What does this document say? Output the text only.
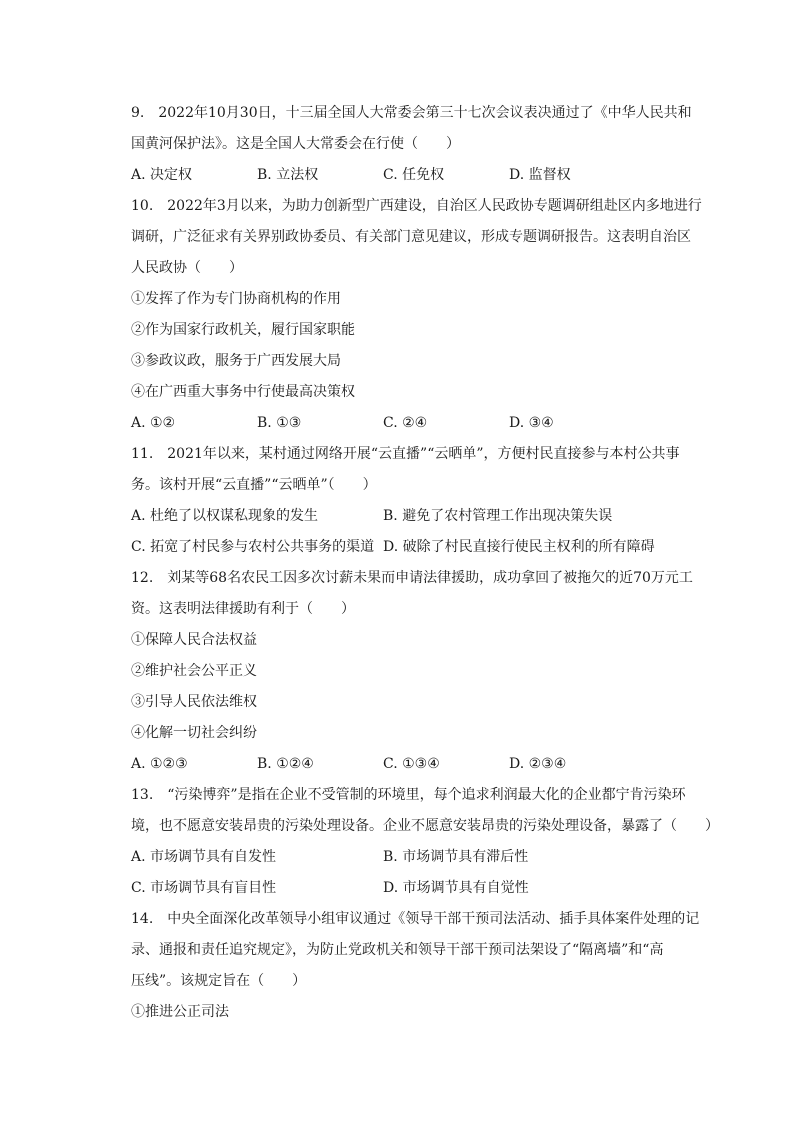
9.　2022年10月30日，十三届全国人大常委会第三十七次会议表决通过了《中华人民共和
国黄河保护法》。这是全国人大常委会在行使（　　）
A. 决定权	B. 立法权	C. 任免权	D. 监督权
10.　2022年3月以来，为助力创新型广西建设，自治区人民政协专题调研组赴区内多地进行
调研，广泛征求有关界别政协委员、有关部门意见建议，形成专题调研报告。这表明自治区
人民政协（　　）
①发挥了作为专门协商机构的作用
②作为国家行政机关，履行国家职能
③参政议政，服务于广西发展大局
④在广西重大事务中行使最高决策权
A. ①②	B. ①③	C. ②④	D. ③④
11.　2021年以来，某村通过网络开展“云直播”“云晒单”，方便村民直接参与本村公共事
务。该村开展“云直播”“云晒单”（　　）
A. 杜绝了以权谋私现象的发生	B. 避免了农村管理工作出现决策失误
C. 拓宽了村民参与农村公共事务的渠道 D. 破除了村民直接行使民主权利的所有障碍
12.　刘某等68名农民工因多次讨薪未果而申请法律援助，成功拿回了被拖欠的近70万元工
资。这表明法律援助有利于（　　）
①保障人民合法权益
②维护社会公平正义
③引导人民依法维权
④化解一切社会纠纷
A. ①②③	B. ①②④	C. ①③④	D. ②③④
13.　“污染博弈”是指在企业不受管制的环境里，每个追求利润最大化的企业都宁肯污染环
境，也不愿意安装昂贵的污染处理设备。企业不愿意安装昂贵的污染处理设备，暴露了（　　）
A. 市场调节具有自发性	B. 市场调节具有滞后性
C. 市场调节具有盲目性	D. 市场调节具有自觉性
14.　中央全面深化改革领导小组审议通过《领导干部干预司法活动、插手具体案件处理的记
录、通报和责任追究规定》，为防止党政机关和领导干部干预司法架设了“隔离墙”和“高
压线”。该规定旨在（　　）
①推进公正司法
